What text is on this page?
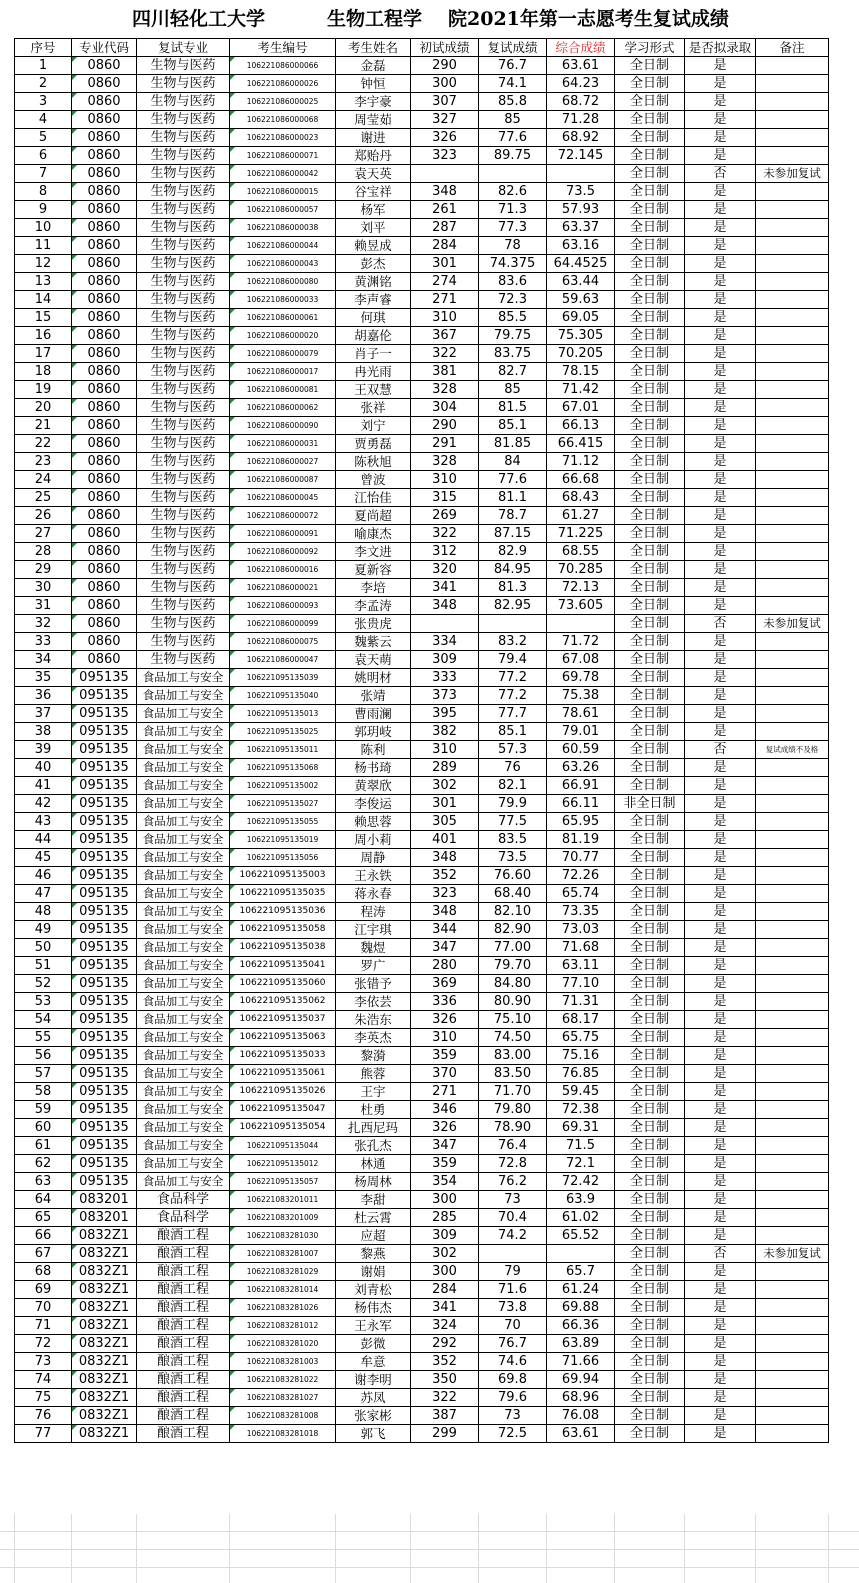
四川轻化工大学	生物工程学 院2021年第一志愿考生复试成绩
序号	专业代码	复试专业	考生编号	考生姓名	初试成绩	复试成绩	综合成绩	学习形式	是否拟录取	备注
1	0860	生物与医药	106221086000066	金磊	290	76.7	63.61	全日制	是	
2	0860	生物与医药	106221086000026	钟恒	300	74.1	64.23	全日制	是	
3	0860	生物与医药	106221086000025	李宇豪	307	85.8	68.72	全日制	是	
4	0860	生物与医药	106221086000068	周莹茹	327	85	71.28	全日制	是	
5	0860	生物与医药	106221086000023	谢进	326	77.6	68.92	全日制	是	
6	0860	生物与医药	106221086000071	郑贻丹	323	89.75	72.145	全日制	是	
7	0860	生物与医药	106221086000042	袁天英				全日制	否	未参加复试
8	0860	生物与医药	106221086000015	谷宝祥	348	82.6	73.5	全日制	是	
9	0860	生物与医药	106221086000057	杨军	261	71.3	57.93	全日制	是	
10	0860	生物与医药	106221086000038	刘平	287	77.3	63.37	全日制	是	
11	0860	生物与医药	106221086000044	赖昱成	284	78	63.16	全日制	是	
12	0860	生物与医药	106221086000043	彭杰	301	74.375	64.4525	全日制	是	
13	0860	生物与医药	106221086000080	黄渊铭	274	83.6	63.44	全日制	是	
14	0860	生物与医药	106221086000033	李声睿	271	72.3	59.63	全日制	是	
15	0860	生物与医药	106221086000061	何琪	310	85.5	69.05	全日制	是	
16	0860	生物与医药	106221086000020	胡嘉伦	367	79.75	75.305	全日制	是	
17	0860	生物与医药	106221086000079	肖子一	322	83.75	70.205	全日制	是	
18	0860	生物与医药	106221086000017	冉光雨	381	82.7	78.15	全日制	是	
19	0860	生物与医药	106221086000081	王双慧	328	85	71.42	全日制	是	
20	0860	生物与医药	106221086000062	张祥	304	81.5	67.01	全日制	是	
21	0860	生物与医药	106221086000090	刘宁	290	85.1	66.13	全日制	是	
22	0860	生物与医药	106221086000031	贾勇磊	291	81.85	66.415	全日制	是	
23	0860	生物与医药	106221086000027	陈秋旭	328	84	71.12	全日制	是	
24	0860	生物与医药	106221086000087	曾波	310	77.6	66.68	全日制	是	
25	0860	生物与医药	106221086000045	江怡佳	315	81.1	68.43	全日制	是	
26	0860	生物与医药	106221086000072	夏尚超	269	78.7	61.27	全日制	是	
27	0860	生物与医药	106221086000091	喻康杰	322	87.15	71.225	全日制	是	
28	0860	生物与医药	106221086000092	李文进	312	82.9	68.55	全日制	是	
29	0860	生物与医药	106221086000016	夏新容	320	84.95	70.285	全日制	是	
30	0860	生物与医药	106221086000021	李培	341	81.3	72.13	全日制	是	
31	0860	生物与医药	106221086000093	李孟涛	348	82.95	73.605	全日制	是	
32	0860	生物与医药	106221086000099	张贵虎				全日制	否	未参加复试
33	0860	生物与医药	106221086000075	魏紫云	334	83.2	71.72	全日制	是	
34	0860	生物与医药	106221086000047	袁天萌	309	79.4	67.08	全日制	是	
35	095135	食品加工与安全	106221095135039	姚明材	333	77.2	69.78	全日制	是	
36	095135	食品加工与安全	106221095135040	张靖	373	77.2	75.38	全日制	是	
37	095135	食品加工与安全	106221095135013	曹雨澜	395	77.7	78.61	全日制	是	
38	095135	食品加工与安全	106221095135025	郭玥岐	382	85.1	79.01	全日制	是	
39	095135	食品加工与安全	106221095135011	陈利	310	57.3	60.59	全日制	否	复试成绩不及格
40	095135	食品加工与安全	106221095135068	杨书琦	289	76	63.26	全日制	是	
41	095135	食品加工与安全	106221095135002	黄翠欣	302	82.1	66.91	全日制	是	
42	095135	食品加工与安全	106221095135027	李俊运	301	79.9	66.11	非全日制	是	
43	095135	食品加工与安全	106221095135055	赖思蓉	305	77.5	65.95	全日制	是	
44	095135	食品加工与安全	106221095135019	周小莉	401	83.5	81.19	全日制	是	
45	095135	食品加工与安全	106221095135056	周静	348	73.5	70.77	全日制	是	
46	095135	食品加工与安全	106221095135003	王永铁	352	76.60	72.26	全日制	是	
47	095135	食品加工与安全	106221095135035	蒋永春	323	68.40	65.74	全日制	是	
48	095135	食品加工与安全	106221095135036	程涛	348	82.10	73.35	全日制	是	
49	095135	食品加工与安全	106221095135058	江宇琪	344	82.90	73.03	全日制	是	
50	095135	食品加工与安全	106221095135038	魏煜	347	77.00	71.68	全日制	是	
51	095135	食品加工与安全	106221095135041	罗广	280	79.70	63.11	全日制	是	
52	095135	食品加工与安全	106221095135060	张错予	369	84.80	77.10	全日制	是	
53	095135	食品加工与安全	106221095135062	李依芸	336	80.90	71.31	全日制	是	
54	095135	食品加工与安全	106221095135037	朱浩东	326	75.10	68.17	全日制	是	
55	095135	食品加工与安全	106221095135063	李英杰	310	74.50	65.75	全日制	是	
56	095135	食品加工与安全	106221095135033	黎漪	359	83.00	75.16	全日制	是	
57	095135	食品加工与安全	106221095135061	熊蓉	370	83.50	76.85	全日制	是	
58	095135	食品加工与安全	106221095135026	王宇	271	71.70	59.45	全日制	是	
59	095135	食品加工与安全	106221095135047	杜勇	346	79.80	72.38	全日制	是	
60	095135	食品加工与安全	106221095135054	扎西尼玛	326	78.90	69.31	全日制	是	
61	095135	食品加工与安全	106221095135044	张孔杰	347	76.4	71.5	全日制	是	
62	095135	食品加工与安全	106221095135012	林通	359	72.8	72.1	全日制	是	
63	095135	食品加工与安全	106221095135057	杨周林	354	76.2	72.42	全日制	是	
64	083201	食品科学	106221083201011	李甜	300	73	63.9	全日制	是	
65	083201	食品科学	106221083201009	杜云霄	285	70.4	61.02	全日制	是	
66	0832Z1	酿酒工程	106221083281030	应超	309	74.2	65.52	全日制	是	
67	0832Z1	酿酒工程	106221083281007	黎燕	302			全日制	否	未参加复试
68	0832Z1	酿酒工程	106221083281029	谢娟	300	79	65.7	全日制	是	
69	0832Z1	酿酒工程	106221083281014	刘青松	284	71.6	61.24	全日制	是	
70	0832Z1	酿酒工程	106221083281026	杨伟杰	341	73.8	69.88	全日制	是	
71	0832Z1	酿酒工程	106221083281012	王永军	324	70	66.36	全日制	是	
72	0832Z1	酿酒工程	106221083281020	彭微	292	76.7	63.89	全日制	是	
73	0832Z1	酿酒工程	106221083281003	牟意	352	74.6	71.66	全日制	是	
74	0832Z1	酿酒工程	106221083281022	谢李明	350	69.8	69.94	全日制	是	
75	0832Z1	酿酒工程	106221083281027	苏凤	322	79.6	68.96	全日制	是	
76	0832Z1	酿酒工程	106221083281008	张家彬	387	73	76.08	全日制	是	
77	0832Z1	酿酒工程	106221083281018	郭飞	299	72.5	63.61	全日制	是	
